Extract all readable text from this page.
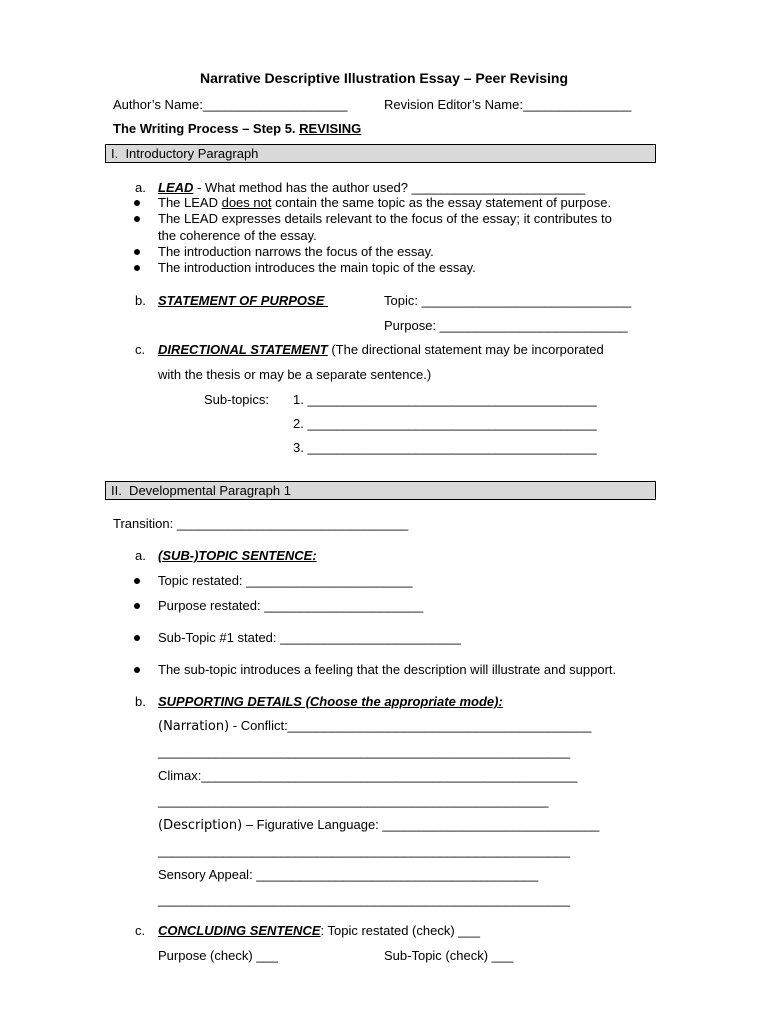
Narrative Descriptive Illustration Essay – Peer Revising
Author’s Name:____________________	Revision Editor’s Name:_______________
The Writing Process – Step 5. REVISING
I.  Introductory Paragraph
a. LEAD - What method has the author used? ________________________
The LEAD does not contain the same topic as the essay statement of purpose.
The LEAD expresses details relevant to the focus of the essay; it contributes to
the coherence of the essay.
The introduction narrows the focus of the essay.
The introduction introduces the main topic of the essay.
b. STATEMENT OF PURPOSE	Topic: _____________________________
Purpose: __________________________
c. DIRECTIONAL STATEMENT (The directional statement may be incorporated
with the thesis or may be a separate sentence.)
Sub-topics: 1. ________________________________________
2. ________________________________________
3. ________________________________________
II.  Developmental Paragraph 1
Transition: ________________________________
a. (SUB-)TOPIC SENTENCE:
Topic restated: _______________________
Purpose restated: ______________________
Sub-Topic #1 stated: _________________________
The sub-topic introduces a feeling that the description will illustrate and support.
b. SUPPORTING DETAILS (Choose the appropriate mode):
(Narration) - Conflict:__________________________________________
_________________________________________________________
Climax:____________________________________________________
______________________________________________________
(Description) – Figurative Language: ______________________________
_________________________________________________________
Sensory Appeal: _______________________________________
_________________________________________________________
c. CONCLUDING SENTENCE: Topic restated (check) ___
Purpose (check) ___	Sub-Topic (check) ___
